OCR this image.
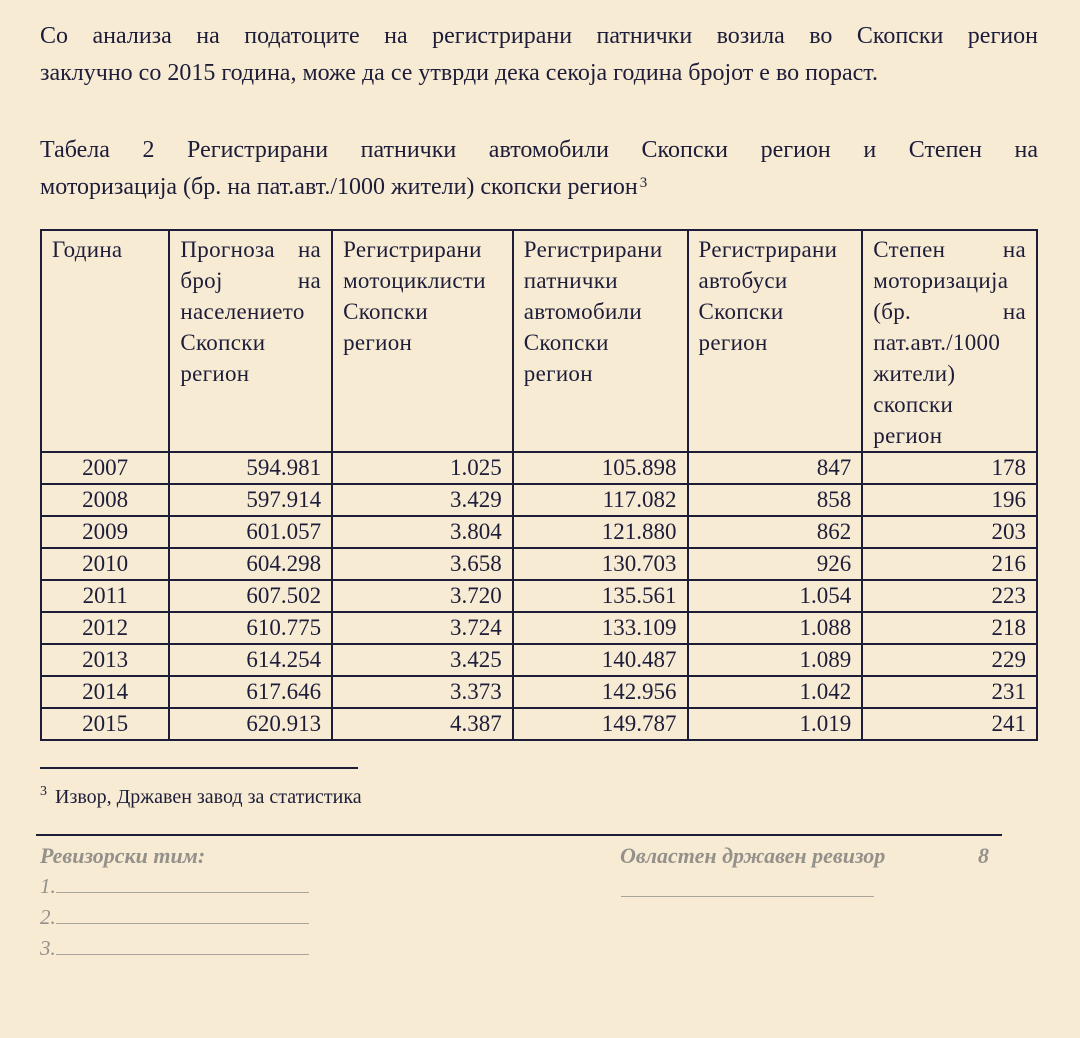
Со анализа на податоците на регистрирани патнички возила во Скопски регион

заклучно со 2015 година, може да се утврди дека секоја година бројот е во пораст.

Табела 2 Регистрирани патнички автомобили Скопски регион и Степен на

моторизација (бр. на пат.авт./1000 жители) скопски регион $^3$

Година	Прогноза на број на населението Скопски регион	Регистрирани мотоциклисти Скопски регион	Регистрирани патнички автомобили Скопски регион	Регистрирани автобуси Скопски регион	Степен на моторизација (бр. на пат.авт./1000 жители) скопски регион
2007	594.981	1.025	105.898	847	178
2008	597.914	3.429	117.082	858	196
2009	601.057	3.804	121.880	862	203
2010	604.298	3.658	130.703	926	216
2011	607.502	3.720	135.561	1.054	223
2012	610.775	3.724	133.109	1.088	218
2013	614.254	3.425	140.487	1.089	229
2014	617.646	3.373	142.956	1.042	231
2015	620.913	4.387	149.787	1.019	241
$^3$ Извор, Државен завод за статистика
Ревизорски тим:	Овластен државен ревизор	8
1.
2.
3.
